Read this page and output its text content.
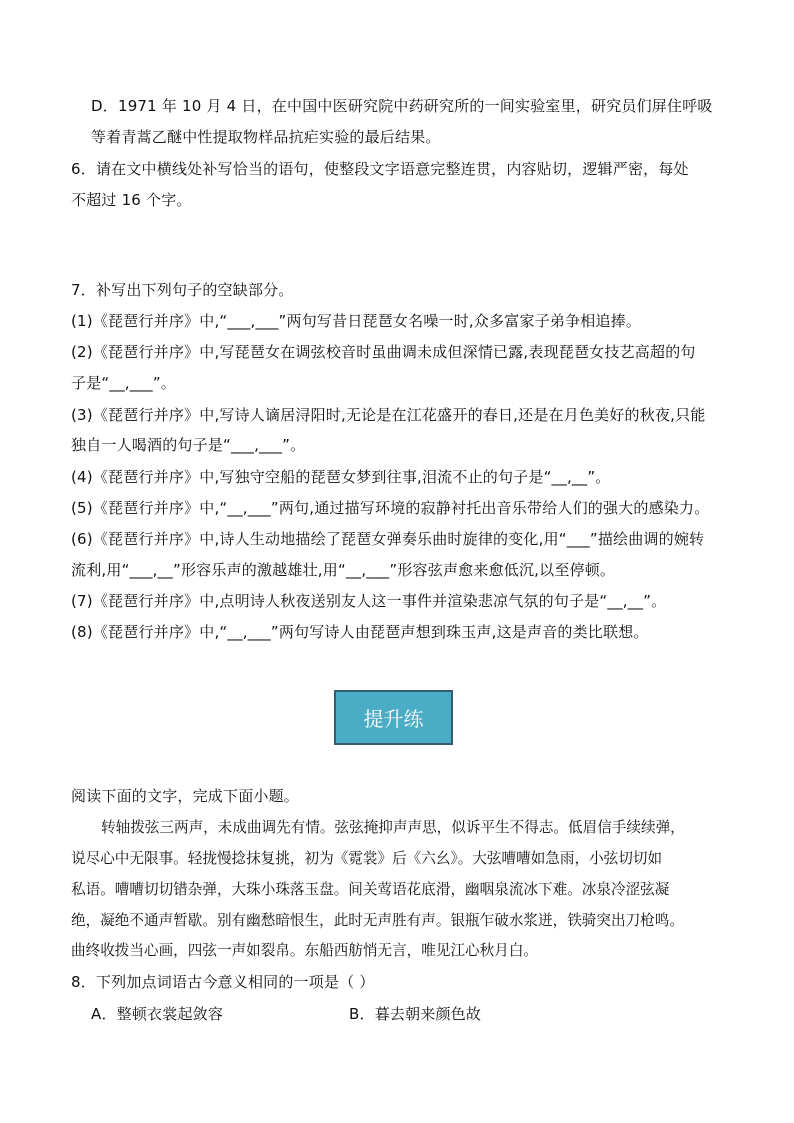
D．1971 年 10 月 4 日，在中国中医研究院中药研究所的一间实验室里，研究员们屏住呼吸
等着青蒿乙醚中性提取物样品抗疟实验的最后结果。
6．请在文中横线处补写恰当的语句，使整段文字语意完整连贯，内容贴切，逻辑严密，每处
不超过 16 个字。
7．补写出下列句子的空缺部分。
(1)《琵琶行并序》中,“___,___”两句写昔日琵琶女名噪一时,众多富家子弟争相追捧。
(2)《琵琶行并序》中,写琵琶女在调弦校音时虽曲调未成但深情已露,表现琵琶女技艺高超的句
子是“__,___”。
(3)《琵琶行并序》中,写诗人谪居浔阳时,无论是在江花盛开的春日,还是在月色美好的秋夜,只能
独自一人喝酒的句子是“___,___”。
(4)《琵琶行并序》中,写独守空船的琵琶女梦到往事,泪流不止的句子是“__,__”。
(5)《琵琶行并序》中,“__,___”两句,通过描写环境的寂静衬托出音乐带给人们的强大的感染力。
(6)《琵琶行并序》中,诗人生动地描绘了琵琶女弹奏乐曲时旋律的变化,用“___”描绘曲调的婉转
流利,用“___,__”形容乐声的激越雄壮,用“__,___”形容弦声愈来愈低沉,以至停顿。
(7)《琵琶行并序》中,点明诗人秋夜送别友人这一事件并渲染悲凉气氛的句子是“__,__”。
(8)《琵琶行并序》中,“__,___”两句写诗人由琵琶声想到珠玉声,这是声音的类比联想。
提升练
阅读下面的文字，完成下面小题。
转轴拨弦三两声，未成曲调先有情。弦弦掩抑声声思，似诉平生不得志。低眉信手续续弹，
说尽心中无限事。轻拢慢捻抹复挑，初为《霓裳》后《六幺》。大弦嘈嘈如急雨，小弦切切如
私语。嘈嘈切切错杂弹，大珠小珠落玉盘。间关莺语花底滑，幽咽泉流冰下难。冰泉冷涩弦凝
绝，凝绝不通声暂歇。别有幽愁暗恨生，此时无声胜有声。银瓶乍破水浆迸，铁骑突出刀枪鸣。
曲终收拨当心画，四弦一声如裂帛。东船西舫悄无言，唯见江心秋月白。
8．下列加点词语古今意义相同的一项是（ ）
A．整顿衣裳起敛容	B．暮去朝来颜色故
